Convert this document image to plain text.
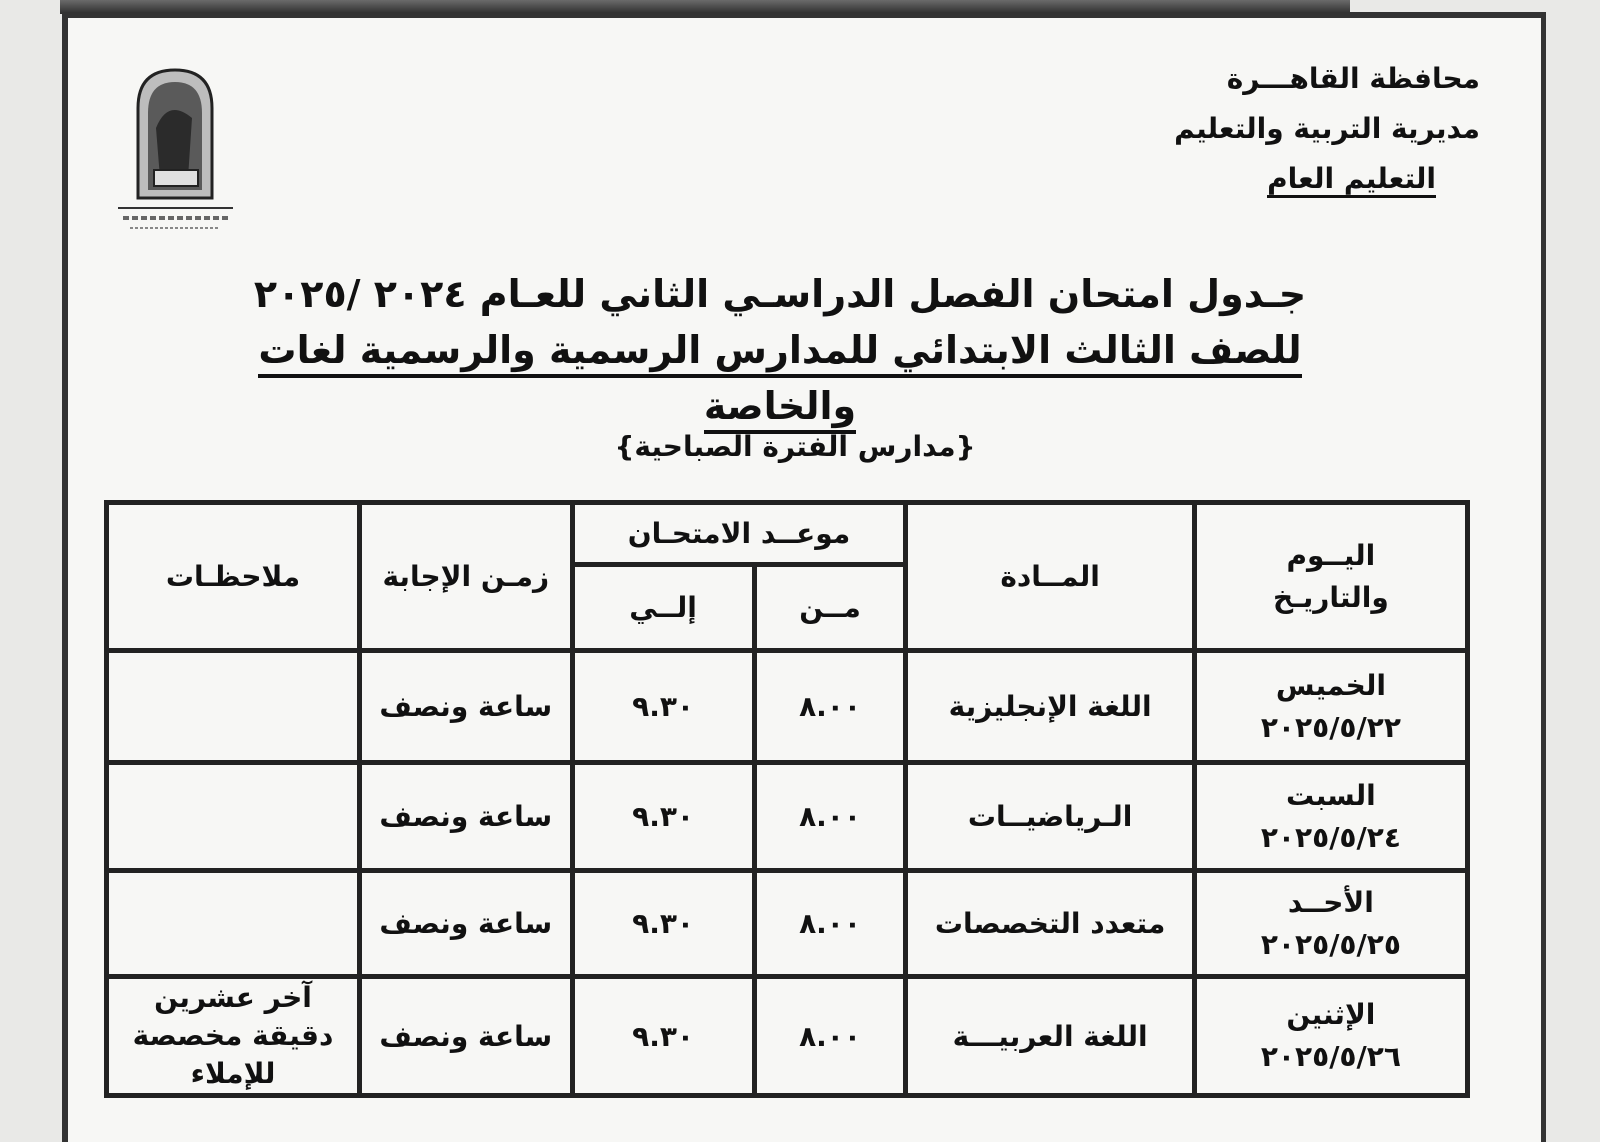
محافظة القاهـــرة
مديرية التربية والتعليم
التعليم العام
جـدول امتحان الفصل الدراسـي الثاني للعـام ٢٠٢٤ /٢٠٢٥
للصف الثالث الابتدائي للمدارس الرسمية والرسمية لغات والخاصة
{مدارس الفترة الصباحية}
اليــوم
والتاريـخ	المــادة	موعــد الامتحـان		زمـن الإجابة	ملاحظـات
		مــن	إلــي		

الخميس
٢٠٢٥/٥/٢٢	اللغة الإنجليزية	٨.٠٠	٩.٣٠	ساعة ونصف	

السبت
٢٠٢٥/٥/٢٤	الـرياضيــات	٨.٠٠	٩.٣٠	ساعة ونصف	

الأحــد
٢٠٢٥/٥/٢٥	متعدد التخصصات	٨.٠٠	٩.٣٠	ساعة ونصف	

الإثنين
٢٠٢٥/٥/٢٦	اللغة العربيـــة	٨.٠٠	٩.٣٠	ساعة ونصف	آخر عشرين دقيقة مخصصة للإملاء
